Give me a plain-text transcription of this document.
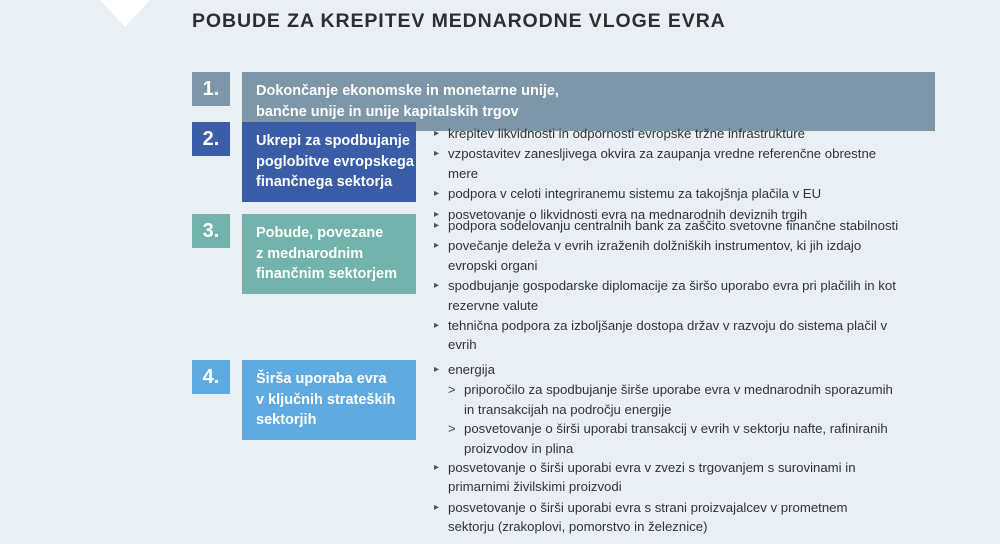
POBUDE ZA KREPITEV MEDNARODNE VLOGE EVRA
1.	Dokončanje ekonomske in monetarne unije,
bančne unije in unije kapitalskih trgov
2.	Ukrepi za spodbujanje
poglobitve evropskega
finančnega sektorja
▸ krepitev likvidnosti in odpornosti evropske tržne infrastrukture
▸ vzpostavitev zanesljivega okvira za zaupanja vredne referenčne obrestne mere
▸ podpora v celoti integriranemu sistemu za takojšnja plačila v EU
▸ posvetovanje o likvidnosti evra na mednarodnih deviznih trgih
3.	Pobude, povezane
z mednarodnim
finančnim sektorjem
▸ podpora sodelovanju centralnih bank za zaščito svetovne finančne stabilnosti
▸ povečanje deleža v evrih izraženih dolžniških instrumentov, ki jih izdajo evropski organi
▸ spodbujanje gospodarske diplomacije za širšo uporabo evra pri plačilih in kot rezervne valute
▸ tehnična podpora za izboljšanje dostopa držav v razvoju do sistema plačil v evrih
4.	Širša uporaba evra
v ključnih strateških
sektorjih
▸ energija
> priporočilo za spodbujanje širše uporabe evra v mednarodnih sporazumih in transakcijah na področju energije
> posvetovanje o širši uporabi transakcij v evrih v sektorju nafte, rafiniranih proizvodov in plina
▸ posvetovanje o širši uporabi evra v zvezi s trgovanjem s surovinami in primarnimi živilskimi proizvodi
▸ posvetovanje o širši uporabi evra s strani proizvajalcev v prometnem sektorju (zrakoplovi, pomorstvo in železnice)
